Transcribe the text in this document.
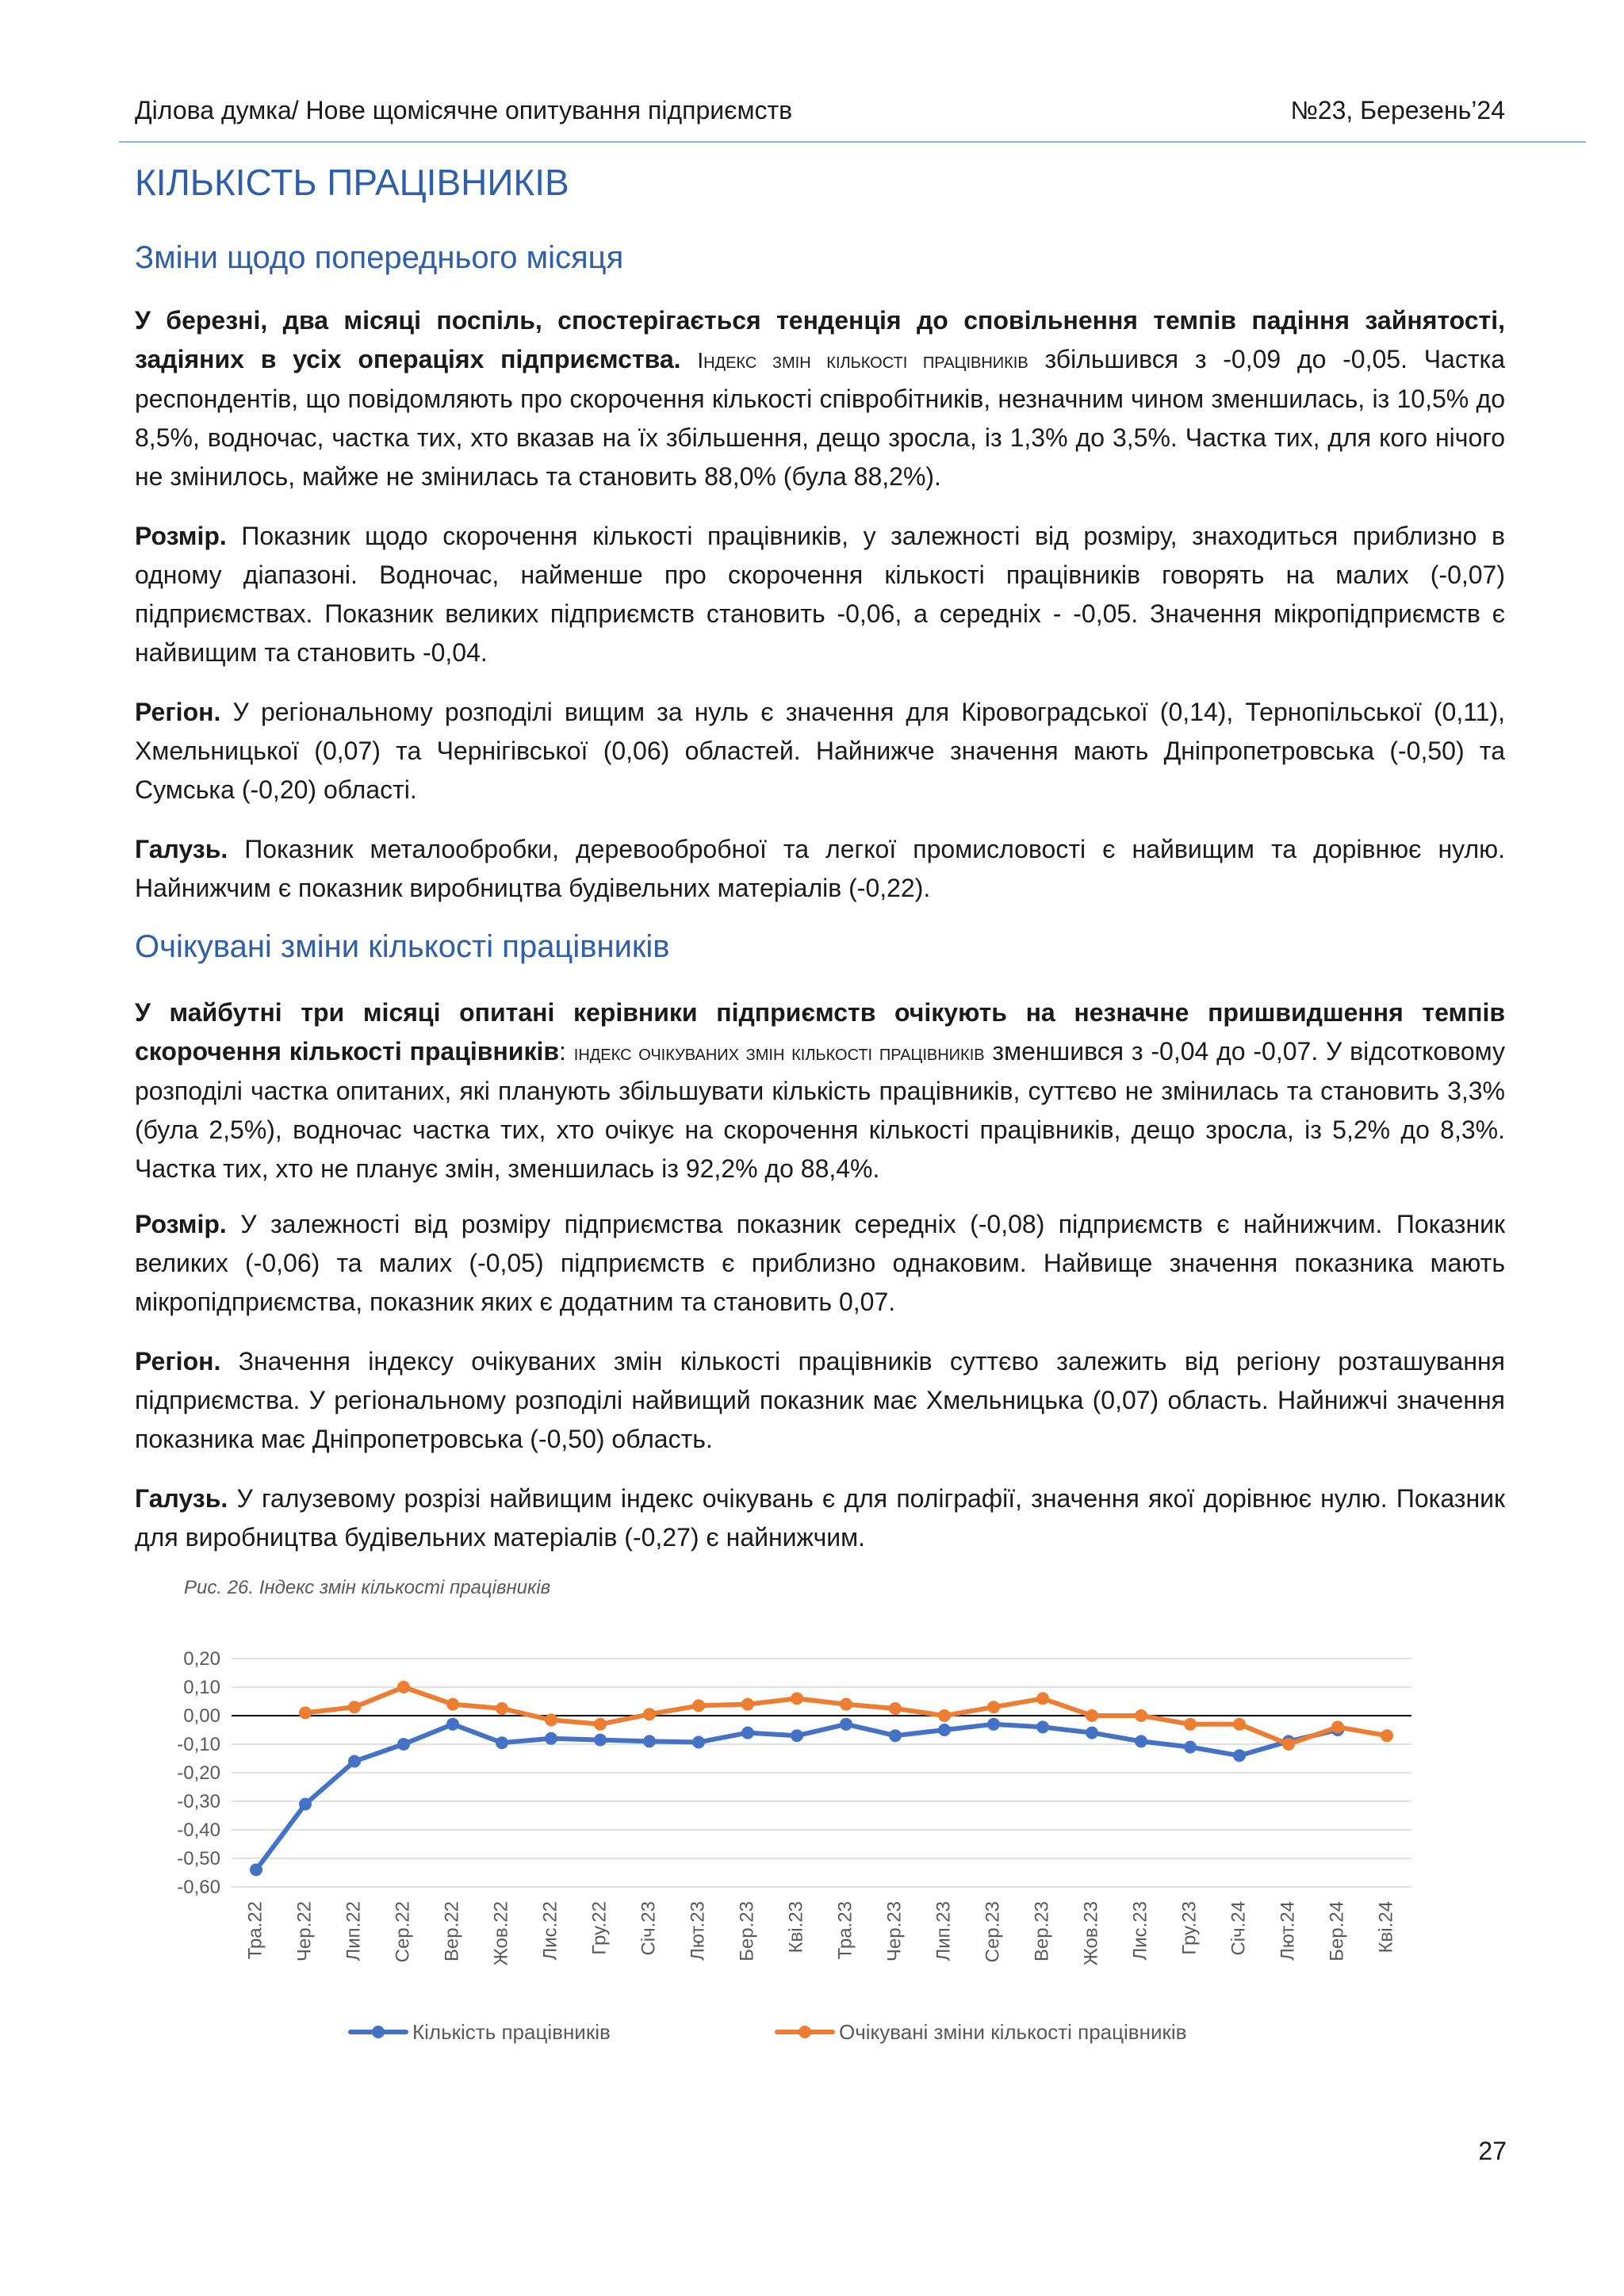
Ділова думка/ Нове щомісячне опитування підприємств	№23, Березень’24
КІЛЬКІСТЬ ПРАЦІВНИКІВ
Зміни щодо попереднього місяця
У березні, два місяці поспіль, спостерігається тенденція до сповільнення темпів падіння зайнятості, задіяних в усіх операціях підприємства. Індекс змін кількості працівників збільшився з -0,09 до -0,05. Частка респондентів, що повідомляють про скорочення кількості співробітників, незначним чином зменшилась, із 10,5% до 8,5%, водночас, частка тих, хто вказав на їх збільшення, дещо зросла, із 1,3% до 3,5%. Частка тих, для кого нічого не змінилось, майже не змінилась та становить 88,0% (була 88,2%).
Розмір. Показник щодо скорочення кількості працівників, у залежності від розміру, знаходиться приблизно в одному діапазоні. Водночас, найменше про скорочення кількості працівників говорять на малих (-0,07) підприємствах. Показник великих підприємств становить -0,06, а середніх - -0,05. Значення мікропідприємств є найвищим та становить -0,04.
Регіон. У регіональному розподілі вищим за нуль є значення для Кіровоградської (0,14), Тернопільської (0,11), Хмельницької (0,07) та Чернігівської (0,06) областей. Найнижче значення мають Дніпропетровська (-0,50) та Сумська (-0,20) області.
Галузь. Показник металообробки, деревообробної та легкої промисловості є найвищим та дорівнює нулю. Найнижчим є показник виробництва будівельних матеріалів (-0,22).
Очікувані зміни кількості працівників
У майбутні три місяці опитані керівники підприємств очікують на незначне пришвидшення темпів скорочення кількості працівників: індекс очікуваних змін кількості працівників зменшився з -0,04 до -0,07. У відсотковому розподілі частка опитаних, які планують збільшувати кількість працівників, суттєво не змінилась та становить 3,3% (була 2,5%), водночас частка тих, хто очікує на скорочення кількості працівників, дещо зросла, із 5,2% до 8,3%. Частка тих, хто не планує змін, зменшилась із 92,2% до 88,4%.
Розмір. У залежності від розміру підприємства показник середніх (-0,08) підприємств є найнижчим. Показник великих (-0,06) та малих (-0,05) підприємств є приблизно однаковим. Найвище значення показника мають мікропідприємства, показник яких є додатним та становить 0,07.
Регіон. Значення індексу очікуваних змін кількості працівників суттєво залежить від регіону розташування підприємства. У регіональному розподілі найвищий показник має Хмельницька (0,07) область. Найнижчі значення показника має Дніпропетровська (-0,50) область.
Галузь. У галузевому розрізі найвищим індекс очікувань є для поліграфії, значення якої дорівнює нулю. Показник для виробництва будівельних матеріалів (-0,27) є найнижчим.
Рис. 26. Індекс змін кількості працівників
0,20
0,10
0,00
-0,10
-0,20
-0,30
-0,40
-0,50
-0,60
Тра.22 Чер.22 Лип.22 Сер.22 Вер.22 Жов.22 Лис.22 Гру.22 Січ.23 Лют.23 Бер.23 Кві.23 Тра.23 Чер.23 Лип.23 Сер.23 Вер.23 Жов.23 Лис.23 Гру.23 Січ.24 Лют.24 Бер.24 Кві.24
Кількість працівників	Очікувані зміни кількості працівників
27
